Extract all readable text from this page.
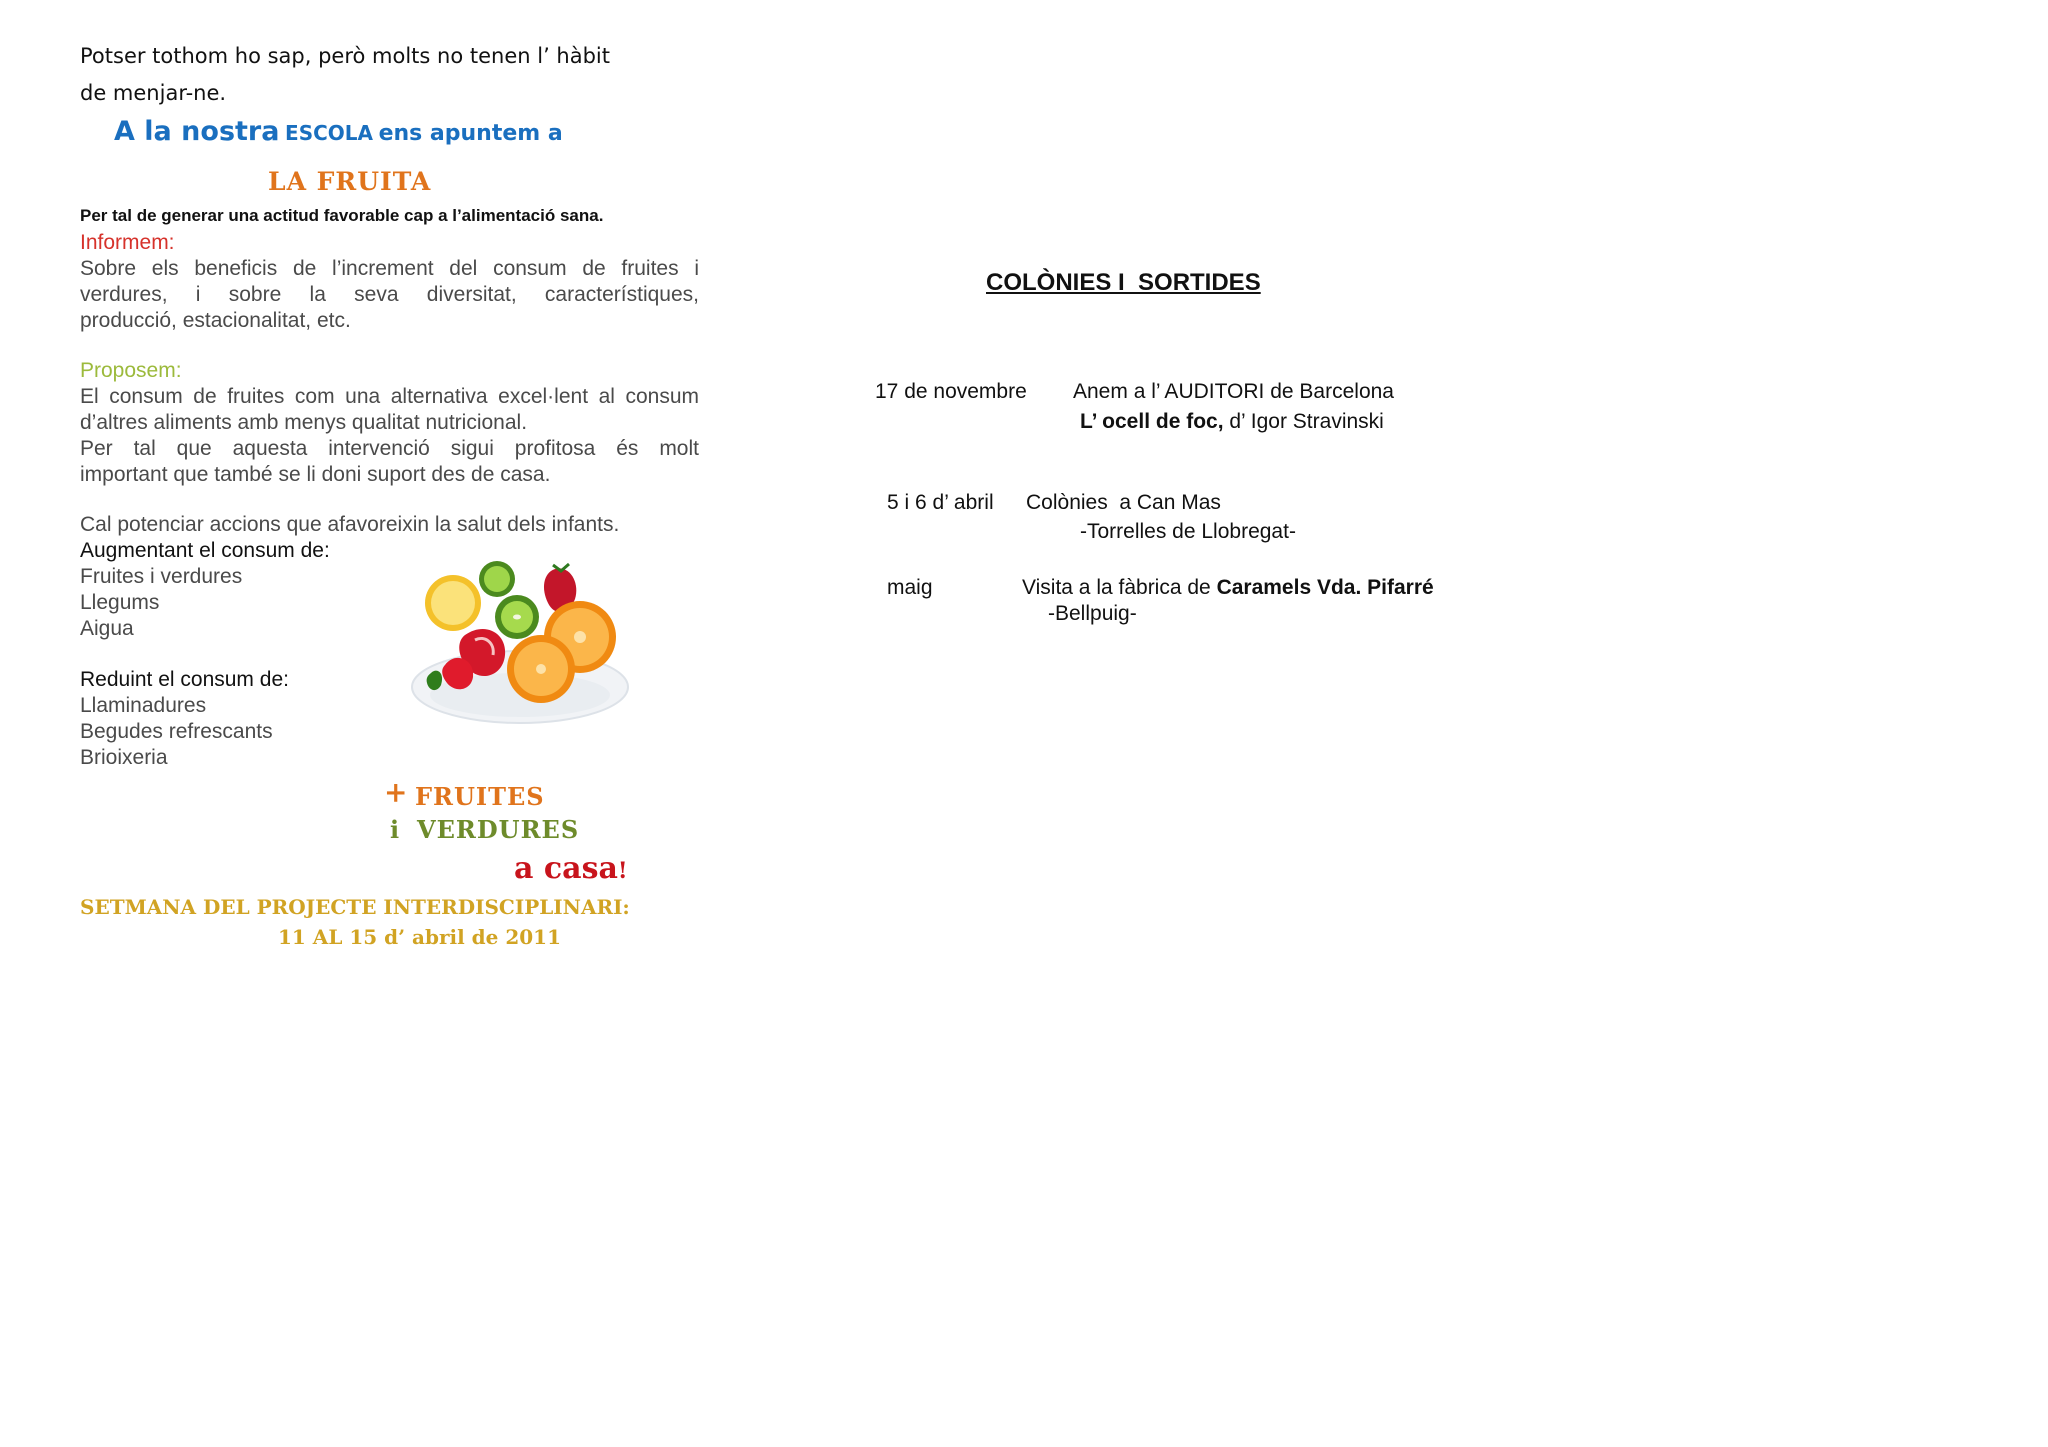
Potser tothom ho sap, però molts no tenen l’ hàbit
de menjar-ne.
A la nostra ESCOLA ens apuntem a
LA FRUITA
Per tal de generar una actitud favorable cap a l’alimentació sana.
Informem:
Sobre els beneficis de l’increment del consum de fruites i
verdures, i sobre la seva diversitat, característiques,
producció, estacionalitat, etc.
Proposem:
El consum de fruites com una alternativa excel·lent al consum
d’altres aliments amb menys qualitat nutricional.
Per tal que aquesta intervenció sigui profitosa és molt
important que també se li doni suport des de casa.
Cal potenciar accions que afavoreixin la salut dels infants.
Augmentant el consum de:
Fruites i verdures
Llegums
Aigua
Reduint el consum de:
Llaminadures
Begudes refrescants
Brioixeria
+ FRUITES
i VERDURES
a casa!
SETMANA DEL PROJECTE INTERDISCIPLINARI:
11 AL 15 d’ abril de 2011
COLÒNIES I  SORTIDES
17 de novembre Anem a l’ AUDITORI de Barcelona
L’ ocell de foc, d’ Igor Stravinski
5 i 6 d’ abril Colònies  a Can Mas
-Torrelles de Llobregat-
maig	Visita a la fàbrica de Caramels Vda. Pifarré
-Bellpuig-
